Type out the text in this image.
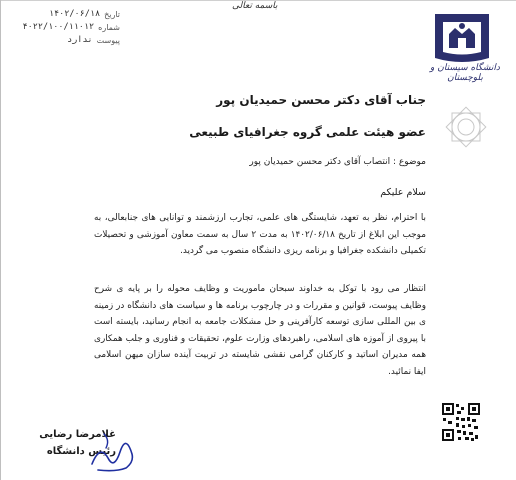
باسمه تعالی
تاریخ
۱۴۰۲/۰۶/۱۸
شماره
۴۰۲۲/۱۰۰/۱۱۰۱۲
پیوست
ندارد
دانشگاه سیستان و بلوچستان
جناب آقای دکتر محسن حمیدیان پور
عضو هیئت علمی گروه جغرافیای طبیعی
موضوع : انتصاب آقای دکتر محسن حمیدیان پور
سلام علیکم
با احترام، نظر به تعهد، شایستگی های علمی، تجارب ارزشمند و توانایی های جنابعالی، به موجب این ابلاغ از تاریخ ۱۴۰۲/۰۶/۱۸ به مدت ۲ سال به سمت معاون آموزشی و تحصیلات تکمیلی دانشکده جغرافیا و برنامه ریزی دانشگاه منصوب می گردید.
انتظار می رود با توکل به خداوند سبحان ماموریت و وظایف محوله را بر پایه ی شرح وظایف پیوست، قوانین و مقررات و در چارچوب برنامه ها و سیاست های دانشگاه در زمینه ی بین المللی سازی توسعه کارآفرینی و حل مشکلات جامعه به انجام رسانید، بایسته است با پیروی از آموزه های اسلامی، راهبردهای وزارت علوم، تحقیقات و فناوری و جلب همکاری همه مدیران اساتید و کارکنان گرامی نقشی شایسته در تربیت آینده سازان میهن اسلامی ایفا نمائید.
غلامرضا رضایی
رئیس دانشگاه
